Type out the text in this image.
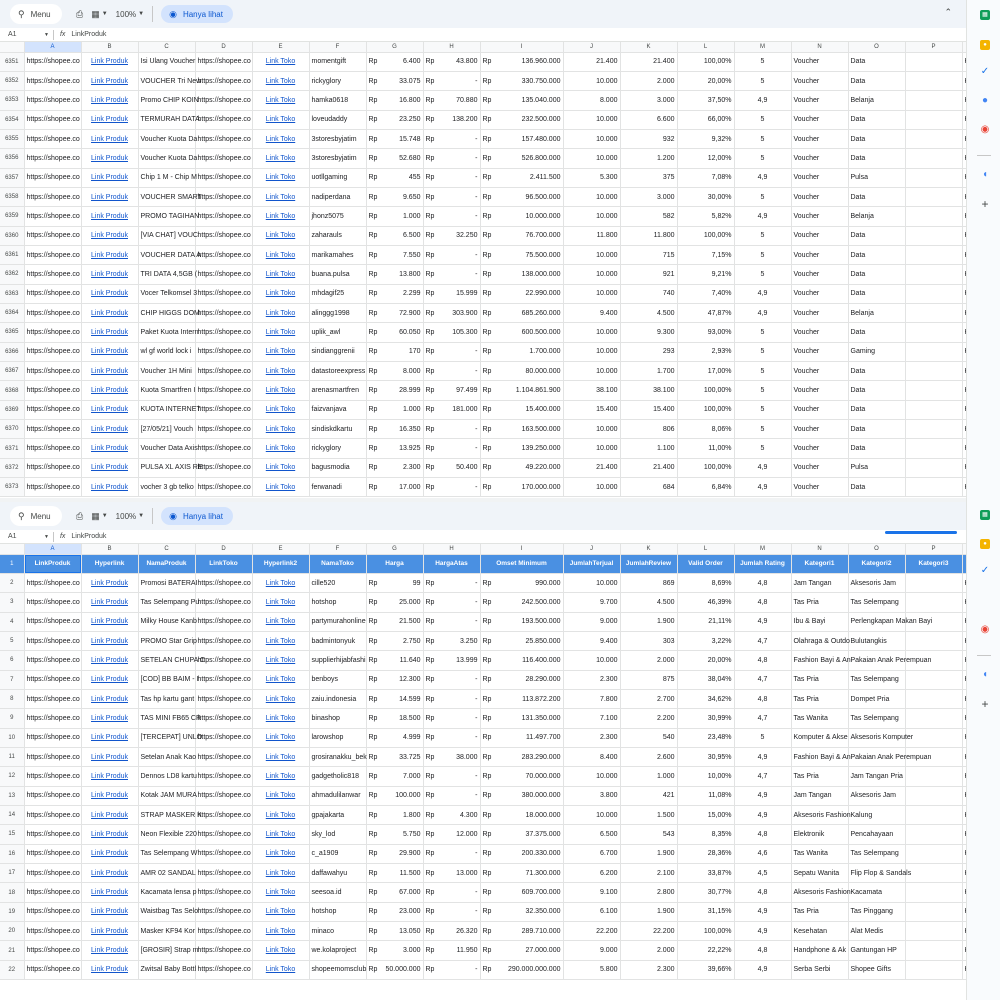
⚲ Menu	⎙ ▦ ▼ 100% ▼	◉ Hanya lihat	⌃
A1	▼ fx LinkProduk
	A	B	C	D	E	F	G	H	I	J	K	L	M	N	O	P	
6351	https://shopee.co	Link Produk	Isi Ulang Voucher	https://shopee.co	Link Toko	momentgift	Rp 6.400	Rp 43.800	Rp 136.960.000	21.400	21.400	100,00%	5	Voucher	Data		
6352	https://shopee.co	Link Produk	VOUCHER Tri New	https://shopee.co	Link Toko	rickyglory	Rp 33.075	Rp -	Rp 330.750.000	10.000	2.000	20,00%	5	Voucher	Data		
6353	https://shopee.co	Link Produk	Promo CHIP KOIN	https://shopee.co	Link Toko	hamka0618	Rp 16.800	Rp 70.880	Rp 135.040.000	8.000	3.000	37,50%	4,9	Voucher	Belanja		
6354	https://shopee.co	Link Produk	TERMURAH DATA	https://shopee.co	Link Toko	loveudaddy	Rp 23.250	Rp 138.200	Rp 232.500.000	10.000	6.600	66,00%	5	Voucher	Data		
6355	https://shopee.co	Link Produk	Voucher Kuota Da	https://shopee.co	Link Toko	3storesbyjatim	Rp 15.748	Rp -	Rp 157.480.000	10.000	932	9,32%	5	Voucher	Data		
6356	https://shopee.co	Link Produk	Voucher Kuota Da	https://shopee.co	Link Toko	3storesbyjatim	Rp 52.680	Rp -	Rp 526.800.000	10.000	1.200	12,00%	5	Voucher	Data		
6357	https://shopee.co	Link Produk	Chip 1 M - Chip M	https://shopee.co	Link Toko	uotllgaming	Rp 455	Rp -	Rp 2.411.500	5.300	375	7,08%	4,9	Voucher	Pulsa		
6358	https://shopee.co	Link Produk	VOUCHER SMART	https://shopee.co	Link Toko	nadiperdana	Rp 9.650	Rp -	Rp 96.500.000	10.000	3.000	30,00%	5	Voucher	Data		
6359	https://shopee.co	Link Produk	PROMO TAGIHAN	https://shopee.co	Link Toko	jhonz5075	Rp 1.000	Rp -	Rp 10.000.000	10.000	582	5,82%	4,9	Voucher	Belanja		
6360	https://shopee.co	Link Produk	[VIA CHAT] VOUC	https://shopee.co	Link Toko	zaharauls	Rp 6.500	Rp 32.250	Rp 76.700.000	11.800	11.800	100,00%	5	Voucher	Data		
6361	https://shopee.co	Link Produk	VOUCHER DATA A	https://shopee.co	Link Toko	marikamahes	Rp 7.550	Rp -	Rp 75.500.000	10.000	715	7,15%	5	Voucher	Data		
6362	https://shopee.co	Link Produk	TRI DATA 4,5GB (	https://shopee.co	Link Toko	buana.pulsa	Rp 13.800	Rp -	Rp 138.000.000	10.000	921	9,21%	5	Voucher	Data		
6363	https://shopee.co	Link Produk	Vocer Telkomsel 3	https://shopee.co	Link Toko	mhdagif25	Rp 2.299	Rp 15.999	Rp 22.990.000	10.000	740	7,40%	4,9	Voucher	Data		
6364	https://shopee.co	Link Produk	CHIP HIGGS DOM	https://shopee.co	Link Toko	alinggg1998	Rp 72.900	Rp 303.900	Rp 685.260.000	9.400	4.500	47,87%	4,9	Voucher	Belanja		
6365	https://shopee.co	Link Produk	Paket Kuota Intern	https://shopee.co	Link Toko	uplik_awl	Rp 60.050	Rp 105.300	Rp 600.500.000	10.000	9.300	93,00%	5	Voucher	Data		
6366	https://shopee.co	Link Produk	wl gf world lock i	https://shopee.co	Link Toko	sindianggrenii	Rp 170	Rp -	Rp 1.700.000	10.000	293	2,93%	5	Voucher	Gaming		
6367	https://shopee.co	Link Produk	Voucher 1H Mini	https://shopee.co	Link Toko	datastoreexpress	Rp 8.000	Rp -	Rp 80.000.000	10.000	1.700	17,00%	5	Voucher	Data		
6368	https://shopee.co	Link Produk	Kuota Smartfren I	https://shopee.co	Link Toko	arenasmartfren	Rp 28.999	Rp 97.499	Rp 1.104.861.900	38.100	38.100	100,00%	5	Voucher	Data		
6369	https://shopee.co	Link Produk	KUOTA INTERNET	https://shopee.co	Link Toko	faizvanjava	Rp 1.000	Rp 181.000	Rp 15.400.000	15.400	15.400	100,00%	5	Voucher	Data		
6370	https://shopee.co	Link Produk	[27/05/21] Vouch	https://shopee.co	Link Toko	sindiskdkartu	Rp 16.350	Rp -	Rp 163.500.000	10.000	806	8,06%	5	Voucher	Data		
6371	https://shopee.co	Link Produk	Voucher Data Axis	https://shopee.co	Link Toko	rickyglory	Rp 13.925	Rp -	Rp 139.250.000	10.000	1.100	11,00%	5	Voucher	Data		
6372	https://shopee.co	Link Produk	PULSA XL AXIS RE	https://shopee.co	Link Toko	bagusmodia	Rp 2.300	Rp 50.400	Rp 49.220.000	21.400	21.400	100,00%	4,9	Voucher	Pulsa		
6373	https://shopee.co	Link Produk	vocher 3 gb telko	https://shopee.co	Link Toko	ferwanadi	Rp 17.000	Rp -	Rp 170.000.000	10.000	684	6,84%	4,9	Voucher	Data		
⚲ Menu	⎙ ▦ ▼ 100% ▼	◉ Hanya lihat
A1	▼ fx LinkProduk
	A	B	C	D	E	F	G	H	I	J	K	L	M	N	O	P	
1	LinkProduk	Hyperlink	NamaProduk	LinkToko	Hyperlink2	NamaToko	Harga	HargaAtas	Omset Minimum	JumlahTerjual	JumlahReview	Valid Order	Jumlah Rating	Kategori1	Kategori2	Kategori3	
2	https://shopee.co	Link Produk	Promosi BATERAI	https://shopee.co	Link Toko	cille520	Rp 99	Rp -	Rp 990.000	10.000	869	8,69%	4,8	Jam Tangan	Aksesoris Jam		
3	https://shopee.co	Link Produk	Tas Selempang Pu	https://shopee.co	Link Toko	hotshop	Rp 25.000	Rp -	Rp 242.500.000	9.700	4.500	46,39%	4,8	Tas Pria	Tas Selempang		
4	https://shopee.co	Link Produk	Milky House Kanb	https://shopee.co	Link Toko	partymurahonline	Rp 21.500	Rp -	Rp 193.500.000	9.000	1.900	21,11%	4,9	Ibu & Bayi	Perlengkapan Makan Bayi		
5	https://shopee.co	Link Produk	PROMO Star Grip	https://shopee.co	Link Toko	badmintonyuk	Rp 2.750	Rp 3.250	Rp 25.850.000	9.400	303	3,22%	4,7	Olahraga & Outdo	Bulutangkis		
6	https://shopee.co	Link Produk	SETELAN CHUPA C	https://shopee.co	Link Toko	supplierhijabfashi	Rp 11.640	Rp 13.999	Rp 116.400.000	10.000	2.000	20,00%	4,8	Fashion Bayi & An	Pakaian Anak Perempuan		
7	https://shopee.co	Link Produk	[COD] BB BAIM - I	https://shopee.co	Link Toko	benboys	Rp 12.300	Rp -	Rp 28.290.000	2.300	875	38,04%	4,7	Tas Pria	Tas Selempang		
8	https://shopee.co	Link Produk	Tas hp kartu gant	https://shopee.co	Link Toko	zaiu.indonesia	Rp 14.599	Rp -	Rp 113.872.200	7.800	2.700	34,62%	4,8	Tas Pria	Dompet Pria		
9	https://shopee.co	Link Produk	TAS MINI FB65 CR	https://shopee.co	Link Toko	binashop	Rp 18.500	Rp -	Rp 131.350.000	7.100	2.200	30,99%	4,7	Tas Wanita	Tas Selempang		
10	https://shopee.co	Link Produk	[TERCEPAT] UNLO	https://shopee.co	Link Toko	larowshop	Rp 4.999	Rp -	Rp 11.497.700	2.300	540	23,48%	5	Komputer & Akse	Aksesoris Komputer		
11	https://shopee.co	Link Produk	Setelan Anak Kao	https://shopee.co	Link Toko	grosiranakku_bek	Rp 33.725	Rp 38.000	Rp 283.290.000	8.400	2.600	30,95%	4,9	Fashion Bayi & An	Pakaian Anak Perempuan		
12	https://shopee.co	Link Produk	Dennos LD8 kartu	https://shopee.co	Link Toko	gadgetholic818	Rp 7.000	Rp -	Rp 70.000.000	10.000	1.000	10,00%	4,7	Tas Pria	Jam Tangan Pria		
13	https://shopee.co	Link Produk	Kotak JAM MURA	https://shopee.co	Link Toko	ahmadulilanwar	Rp 100.000	Rp -	Rp 380.000.000	3.800	421	11,08%	4,9	Jam Tangan	Aksesoris Jam		
14	https://shopee.co	Link Produk	STRAP MASKER K	https://shopee.co	Link Toko	gpajakarta	Rp 1.800	Rp 4.300	Rp 18.000.000	10.000	1.500	15,00%	4,9	Aksesoris Fashion	Kalung		
15	https://shopee.co	Link Produk	Neon Flexible 220	https://shopee.co	Link Toko	sky_lod	Rp 5.750	Rp 12.000	Rp 37.375.000	6.500	543	8,35%	4,8	Elektronik	Pencahayaan		
16	https://shopee.co	Link Produk	Tas Selempang W	https://shopee.co	Link Toko	c_a1909	Rp 29.900	Rp -	Rp 200.330.000	6.700	1.900	28,36%	4,6	Tas Wanita	Tas Selempang		
17	https://shopee.co	Link Produk	AMR 02 SANDAL	https://shopee.co	Link Toko	daffawahyu	Rp 11.500	Rp 13.000	Rp 71.300.000	6.200	2.100	33,87%	4,5	Sepatu Wanita	Flip Flop & Sandals		
18	https://shopee.co	Link Produk	Kacamata lensa p	https://shopee.co	Link Toko	seesoa.id	Rp 67.000	Rp -	Rp 609.700.000	9.100	2.800	30,77%	4,8	Aksesoris Fashion	Kacamata		
19	https://shopee.co	Link Produk	Waistbag Tas Selo	https://shopee.co	Link Toko	hotshop	Rp 23.000	Rp -	Rp 32.350.000	6.100	1.900	31,15%	4,9	Tas Pria	Tas Pinggang		
20	https://shopee.co	Link Produk	Masker KF94 Kor	https://shopee.co	Link Toko	minaco	Rp 13.050	Rp 26.320	Rp 289.710.000	22.200	22.200	100,00%	4,9	Kesehatan	Alat Medis		
21	https://shopee.co	Link Produk	[GROSIR] Strap m	https://shopee.co	Link Toko	we.kolaproject	Rp 3.000	Rp 11.950	Rp 27.000.000	9.000	2.000	22,22%	4,8	Handphone & Ak	Gantungan HP		
22	https://shopee.co	Link Produk	Zwitsal Baby Bottl	https://shopee.co	Link Toko	shopeemomsclub	Rp 50.000.000	Rp -	Rp 290.000.000.000	5.800	2.300	39,66%	4,9	Serba Serbi	Shopee Gifts		
▦
●
✓
●
◉
◖
+
▦
●
✓
◉
◖
+
